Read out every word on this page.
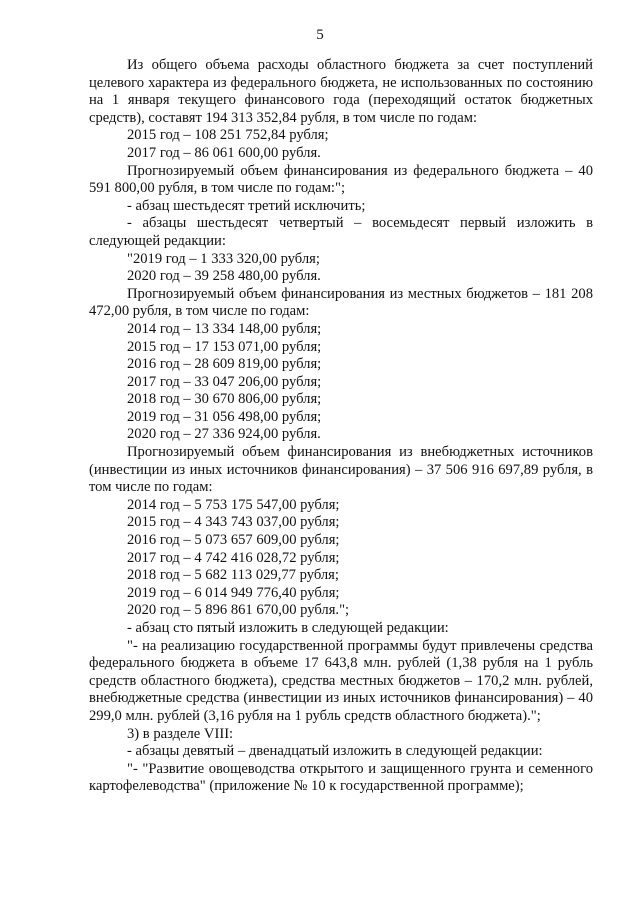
5
Из общего объема расходы областного бюджета за счет поступлений целевого характера из федерального бюджета, не использованных по состоянию на 1 января текущего финансового года (переходящий остаток бюджетных средств), составят 194 313 352,84 рубля, в том числе по годам:
2015 год – 108 251 752,84 рубля;
2017 год – 86 061 600,00 рубля.
Прогнозируемый объем финансирования из федерального бюджета – 40 591 800,00 рубля, в том числе по годам:";
- абзац шестьдесят третий исключить;
- абзацы шестьдесят четвертый – восемьдесят первый изложить в следующей редакции:
"2019 год – 1 333 320,00 рубля;
2020 год – 39 258 480,00 рубля.
Прогнозируемый объем финансирования из местных бюджетов – 181 208 472,00 рубля, в том числе по годам:
2014 год – 13 334 148,00 рубля;
2015 год – 17 153 071,00 рубля;
2016 год – 28 609 819,00 рубля;
2017 год – 33 047 206,00 рубля;
2018 год – 30 670 806,00 рубля;
2019 год – 31 056 498,00 рубля;
2020 год – 27 336 924,00 рубля.
Прогнозируемый объем финансирования из внебюджетных источников (инвестиции из иных источников финансирования) – 37 506 916 697,89 рубля, в том числе по годам:
2014 год – 5 753 175 547,00 рубля;
2015 год – 4 343 743 037,00 рубля;
2016 год – 5 073 657 609,00 рубля;
2017 год – 4 742 416 028,72 рубля;
2018 год – 5 682 113 029,77 рубля;
2019 год – 6 014 949 776,40 рубля;
2020 год – 5 896 861 670,00 рубля.";
- абзац сто пятый изложить в следующей редакции:
"- на реализацию государственной программы будут привлечены средства федерального бюджета в объеме 17 643,8 млн. рублей (1,38 рубля на 1 рубль средств областного бюджета), средства местных бюджетов – 170,2 млн. рублей, внебюджетные средства (инвестиции из иных источников финансирования) – 40 299,0 млн. рублей (3,16 рубля на 1 рубль средств областного бюджета).";
3) в разделе VIII:
- абзацы девятый – двенадцатый изложить в следующей редакции:
"- "Развитие овощеводства открытого и защищенного грунта и семенного картофелеводства" (приложение № 10 к государственной программе);
